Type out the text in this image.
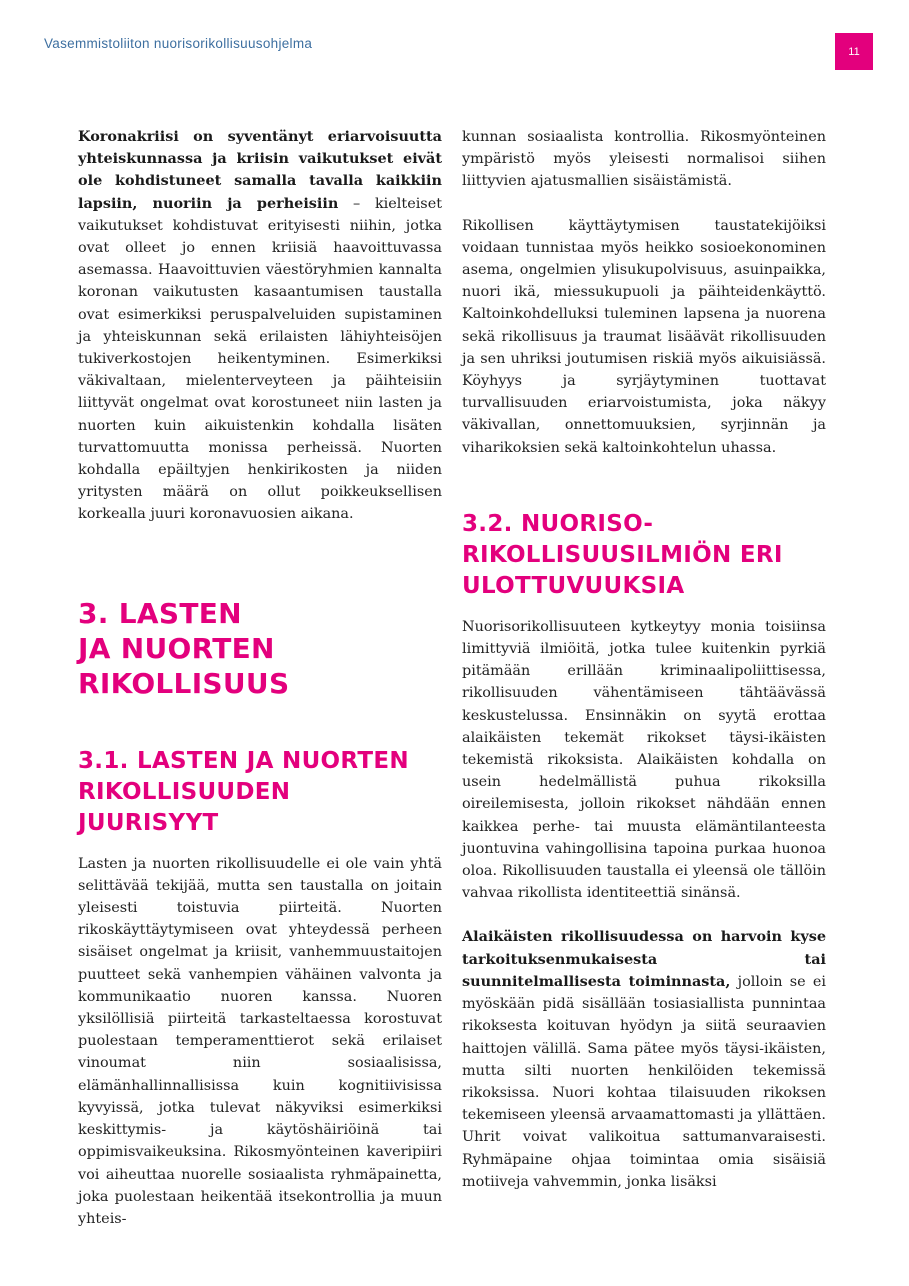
Vasemmistoliiton nuorisorikollisuusohjelma
11

Koronakriisi on syventänyt eriarvoisuutta yhteiskunnassa ja kriisin vaikutukset eivät ole kohdistuneet samalla tavalla kaikkiin lapsiin, nuoriin ja perheisiin – kielteiset vaikutukset kohdistuvat erityisesti niihin, jotka ovat olleet jo ennen kriisiä haavoittuvassa asemassa. Haavoittuvien väestöryhmien kannalta koronan vaikutusten kasaantumisen taustalla ovat esimerkiksi peruspalveluiden supistaminen ja yhteiskunnan sekä erilaisten lähiyhteisöjen tukiverkostojen heikentyminen. Esimerkiksi väkivaltaan, mielenterveyteen ja päihteisiin liittyvät ongelmat ovat korostuneet niin lasten ja nuorten kuin aikuistenkin kohdalla lisäten turvattomuutta monissa perheissä. Nuorten kohdalla epäiltyjen henkirikosten ja niiden yritysten määrä on ollut poikkeuksellisen korkealla juuri koronavuosien aikana.

3. LASTEN
JA NUORTEN
RIKOLLISUUS
3.1. LASTEN JA NUORTEN
RIKOLLISUUDEN
JUURISYYT

Lasten ja nuorten rikollisuudelle ei ole vain yhtä selittävää tekijää, mutta sen taustalla on joitain yleisesti toistuvia piirteitä. Nuorten rikoskäyttäytymiseen ovat yhteydessä perheen sisäiset ongelmat ja kriisit, vanhemmuustaitojen puutteet sekä vanhempien vähäinen valvonta ja kommunikaatio nuoren kanssa. Nuoren yksilöllisiä piirteitä tarkasteltaessa korostuvat puolestaan temperamenttierot sekä erilaiset vinoumat niin sosiaalisissa, elämänhallinnallisissa kuin kognitiivisissa kyvyissä, jotka tulevat näkyviksi esimerkiksi keskittymis- ja käytöshäiriöinä tai oppimisvaikeuksina. Rikosmyönteinen kaveripiiri voi aiheuttaa nuorelle sosiaalista ryhmäpainetta, joka puolestaan heikentää itsekontrollia ja muun yhteis-

kunnan sosiaalista kontrollia. Rikosmyönteinen ympäristö myös yleisesti normalisoi siihen liittyvien ajatusmallien sisäistämistä.

Rikollisen käyttäytymisen taustatekijöiksi voidaan tunnistaa myös heikko sosioekonominen asema, ongelmien ylisukupolvisuus, asuinpaikka, nuori ikä, miessukupuoli ja päihteidenkäyttö. Kaltoinkohdelluksi tuleminen lapsena ja nuorena sekä rikollisuus ja traumat lisäävät rikollisuuden ja sen uhriksi joutumisen riskiä myös aikuisiässä. Köyhyys ja syrjäytyminen tuottavat turvallisuuden eriarvoistumista, joka näkyy väkivallan, onnettomuuksien, syrjinnän ja viharikoksien sekä kaltoinkohtelun uhassa.

3.2. NUORISO-
RIKOLLISUUSILMIÖN ERI
ULOTTUVUUKSIA

Nuorisorikollisuuteen kytkeytyy monia toisiinsa limittyviä ilmiöitä, jotka tulee kuitenkin pyrkiä pitämään erillään kriminaalipoliittisessa, rikollisuuden vähentämiseen tähtäävässä keskustelussa. Ensinnäkin on syytä erottaa alaikäisten tekemät rikokset täysi-ikäisten tekemistä rikoksista. Alaikäisten kohdalla on usein hedelmällistä puhua rikoksilla oireilemisesta, jolloin rikokset nähdään ennen kaikkea perhe- tai muusta elämäntilanteesta juontuvina vahingollisina tapoina purkaa huonoa oloa. Rikollisuuden taustalla ei yleensä ole tällöin vahvaa rikollista identiteettiä sinänsä.

Alaikäisten rikollisuudessa on harvoin kyse tarkoituksenmukaisesta tai suunnitelmallisesta toiminnasta, jolloin se ei myöskään pidä sisällään tosiasiallista punnintaa rikoksesta koituvan hyödyn ja siitä seuraavien haittojen välillä. Sama pätee myös täysi-ikäisten, mutta silti nuorten henkilöiden tekemissä rikoksissa. Nuori kohtaa tilaisuuden rikoksen tekemiseen yleensä arvaamattomasti ja yllättäen. Uhrit voivat valikoitua sattumanvaraisesti. Ryhmäpaine ohjaa toimintaa omia sisäisiä motiiveja vahvemmin, jonka lisäksi
